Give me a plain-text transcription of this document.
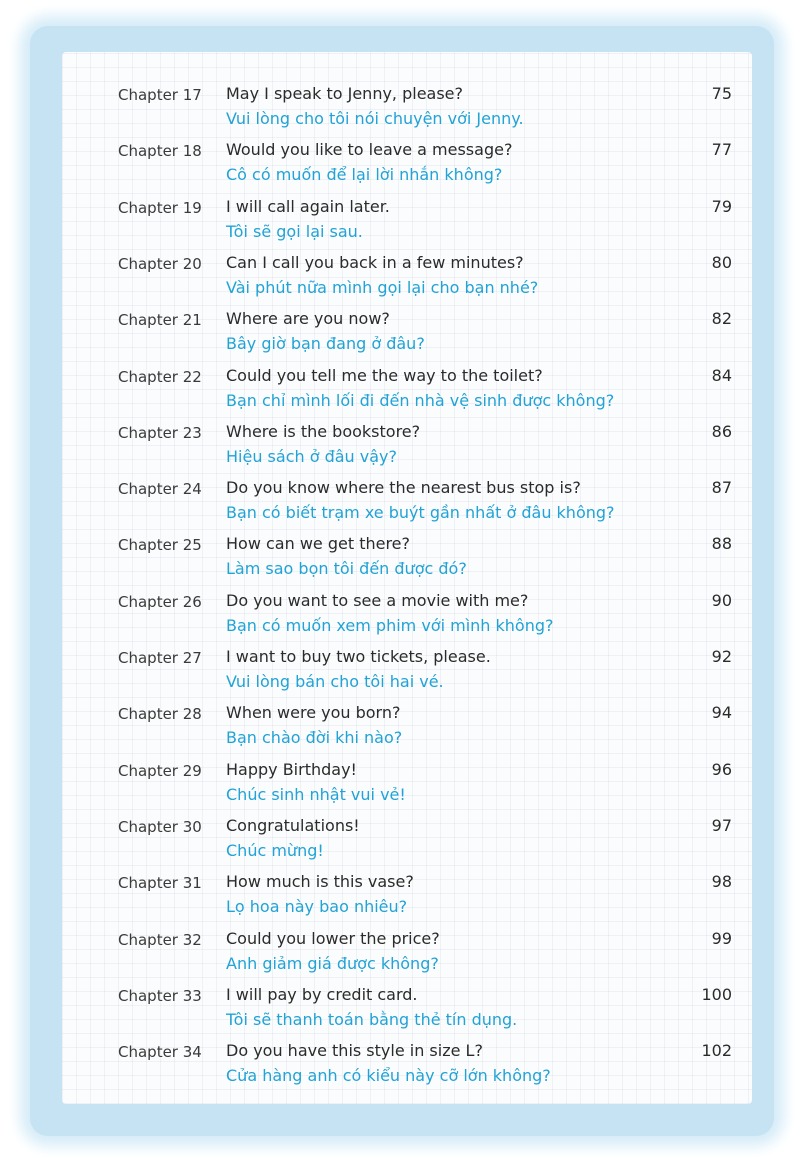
Chapter 17 May I speak to Jenny, please?
Vui lòng cho tôi nói chuyện với Jenny.
75
Chapter 18 Would you like to leave a message?
Cô có muốn để lại lời nhắn không?
77
Chapter 19 I will call again later.
Tôi sẽ gọi lại sau.
79
Chapter 20 Can I call you back in a few minutes?
Vài phút nữa mình gọi lại cho bạn nhé?
80
Chapter 21 Where are you now?
Bây giờ bạn đang ở đâu?
82
Chapter 22 Could you tell me the way to the toilet?
Bạn chỉ mình lối đi đến nhà vệ sinh được không?
84
Chapter 23 Where is the bookstore?
Hiệu sách ở đâu vậy?
86
Chapter 24 Do you know where the nearest bus stop is?
Bạn có biết trạm xe buýt gần nhất ở đâu không?
87
Chapter 25 How can we get there?
Làm sao bọn tôi đến được đó?
88
Chapter 26 Do you want to see a movie with me?
Bạn có muốn xem phim với mình không?
90
Chapter 27 I want to buy two tickets, please.
Vui lòng bán cho tôi hai vé.
92
Chapter 28 When were you born?
Bạn chào đời khi nào?
94
Chapter 29 Happy Birthday!
Chúc sinh nhật vui vẻ!
96
Chapter 30 Congratulations!
Chúc mừng!
97
Chapter 31 How much is this vase?
Lọ hoa này bao nhiêu?
98
Chapter 32 Could you lower the price?
Anh giảm giá được không?
99
Chapter 33 I will pay by credit card.
Tôi sẽ thanh toán bằng thẻ tín dụng.
100
Chapter 34 Do you have this style in size L?
Cửa hàng anh có kiểu này cỡ lớn không?
102
